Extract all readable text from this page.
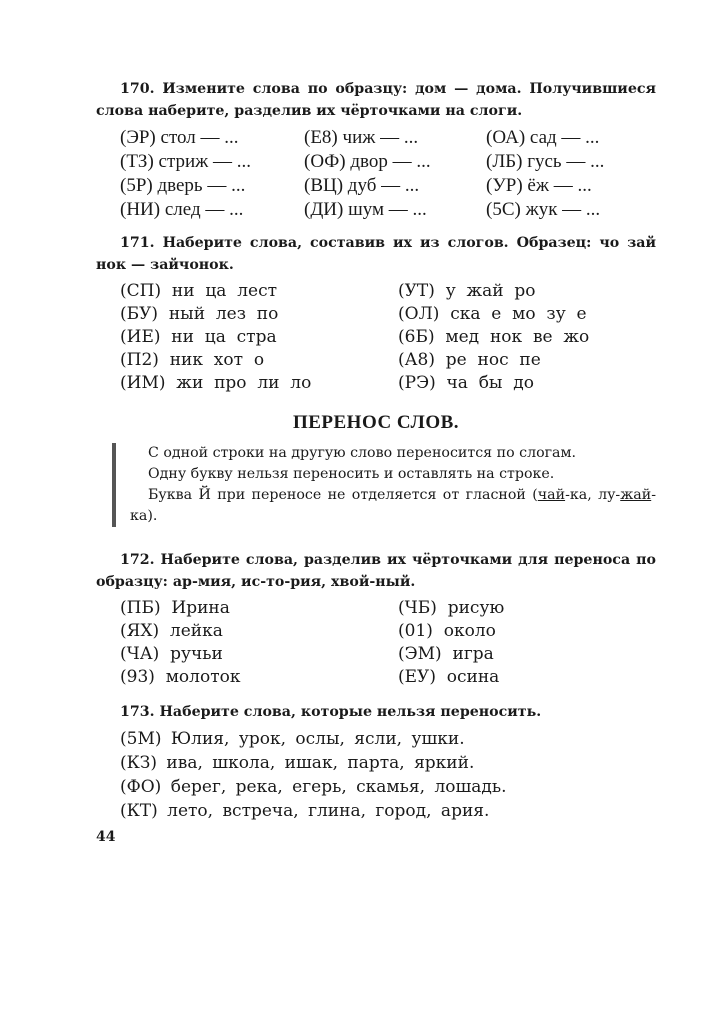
170. Измените слова по образцу: дом — дома. Получившиеся слова наберите, разделив их чёрточками на слоги.

(ЭР) стол — ...	(Е8) чиж — ...	(ОА) сад — ...
(ТЗ) стриж — ...	(ОФ) двор — ...	(ЛБ) гусь — ...
(5Р) дверь — ...	(ВЦ) дуб — ...	(УР) ёж — ...
(НИ) след — ...	(ДИ) шум — ...	(5С) жук — ...

171. Наберите слова, составив их из слогов. Образец: чо зай нок — зайчонок.

(СП)  ни  ца  лест	(УТ)  у  жай  ро
(БУ)  ный  лез  по	(ОЛ)  ска  е  мо  зу  е
(ИЕ)  ни  ца  стра	(6Б)  мед  нок  ве  жо
(П2)  ник  хот  о	(А8)  ре  нос  пе
(ИМ)  жи  про  ли  ло	(РЭ)  ча  бы  до
ПЕРЕНОС СЛОВ.

С одной строки на другую слово переносится по слогам.

Одну букву нельзя переносить и оставлять на строке.

Буква Й при переносе не отделяется от гласной (чай-ка, лу-жай-ка).

172. Наберите слова, разделив их чёрточками для переноса по образцу: ар-мия, ис-то-рия, хвой-ный.

(ПБ)  Ирина	(ЧБ)  рисую
(ЯХ)  лейка	(01)  около
(ЧА)  ручьи	(ЭМ)  игра
(93)  молоток	(ЕУ)  осина

173. Наберите слова, которые нельзя переносить.

(5М) Юлия, урок, ослы, ясли, ушки.
(КЗ) ива, школа, ишак, парта, яркий.
(ФО) берег, река, егерь, скамья, лошадь.
(КТ) лето, встреча, глина, город, ария.
44
